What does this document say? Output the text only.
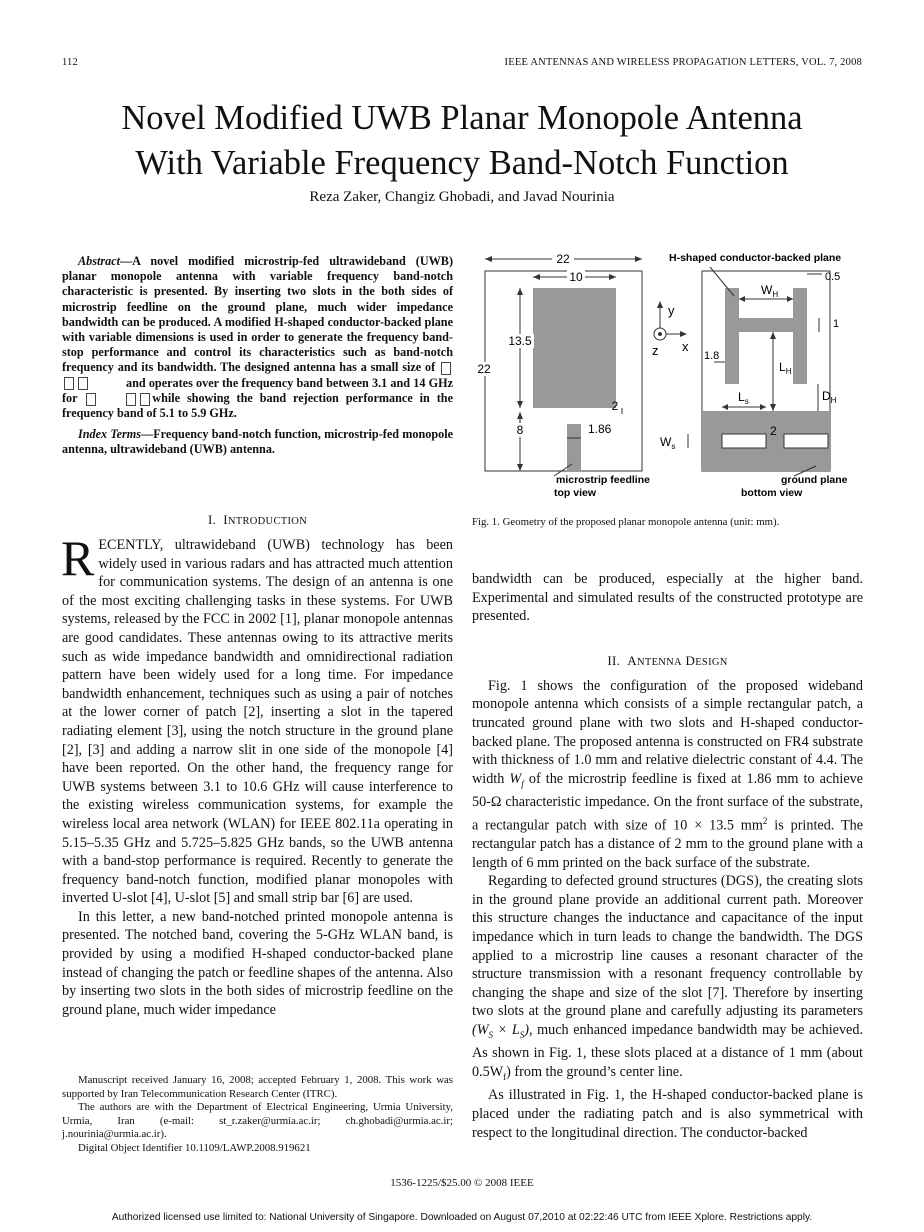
112	IEEE ANTENNAS AND WIRELESS PROPAGATION LETTERS, VOL. 7, 2008
Novel Modified UWB Planar Monopole Antenna
With Variable Frequency Band-Notch Function
Reza Zaker, Changiz Ghobadi, and Javad Nourinia

Abstract—A novel modified microstrip-fed ultrawideband (UWB) planar monopole antenna with variable frequency band-notch characteristic is presented. By inserting two slots in the both sides of microstrip feedline on the ground plane, much wider impedance bandwidth can be produced. A modified H-shaped conductor-backed plane with variable dimensions is used in order to generate the frequency band-stop performance and control its characteristics such as band-notch frequency and its bandwidth. The designed antenna has a small size of and operates over the frequency band between 3.1 and 14 GHz for	while showing the band rejection performance in the frequency band of 5.1 to 5.9 GHz.

Index Terms—Frequency band-notch function, microstrip-fed monopole antenna, ultrawideband (UWB) antenna.

I. INTRODUCTION

RECENTLY, ultrawideband (UWB) technology has been widely used in various radars and has attracted much attention for communication systems. The design of an antenna is one of the most exciting challenging tasks in these systems. For UWB systems, released by the FCC in 2002 [1], planar monopole antennas are good candidates. These antennas owing to its attractive merits such as wide impedance bandwidth and omnidirectional radiation pattern have been widely used for a long time. For impedance bandwidth enhancement, techniques such as using a pair of notches at the lower corner of patch [2], inserting a slot in the tapered radiating element [3], using the notch structure in the ground plane [2], [3] and adding a narrow slit in one side of the monopole [4] have been reported. On the other hand, the frequency range for UWB systems between 3.1 to 10.6 GHz will cause interference to the existing wireless communication systems, for example the wireless local area network (WLAN) for IEEE 802.11a operating in 5.15–5.35 GHz and 5.725–5.825 GHz bands, so the UWB antenna with a band-stop performance is required. Recently to generate the frequency band-notch function, modified planar monopoles with inverted U-slot [4], U-slot [5] and small strip bar [6] are used.

In this letter, a new band-notched printed monopole antenna is presented. The notched band, covering the 5-GHz WLAN band, is provided by using a modified H-shaped conductor-backed plane instead of changing the patch or feedline shapes of the antenna. Also by inserting two slots in the both sides of microstrip feedline on the ground plane, much wider impedance

Manuscript received January 16, 2008; accepted February 1, 2008. This work was supported by Iran Telecommunication Research Center (ITRC).

The authors are with the Department of Electrical Engineering, Urmia University, Urmia, Iran (e-mail: st_r.zaker@urmia.ac.ir; ch.ghobadi@urmia.ac.ir; j.nourinia@urmia.ac.ir).

Digital Object Identifier 10.1109/LAWP.2008.919621

22
10
13.5
22
8
2
1.86
y
z x
H-shaped conductor-backed plane
0.5
$W_H$
1
1.8
$L_H$
$D_H$
$L_s$
$W_s$
2
microstrip feedline
top view
ground plane
bottom view
Fig. 1. Geometry of the proposed planar monopole antenna (unit: mm).

bandwidth can be produced, especially at the higher band. Experimental and simulated results of the constructed prototype are presented.

II. ANTENNA DESIGN

Fig. 1 shows the configuration of the proposed wideband monopole antenna which consists of a simple rectangular patch, a truncated ground plane with two slots and H-shaped conductor-backed plane. The proposed antenna is constructed on FR4 substrate with thickness of 1.0 mm and relative dielectric constant of 4.4. The width $W_f$ of the microstrip feedline is fixed at 1.86 mm to achieve 50-Ω characteristic impedance. On the front surface of the substrate, a rectangular patch with size of 10 × 13.5 $mm^2$ is printed. The rectangular patch has a distance of 2 mm to the ground plane with a length of 6 mm printed on the back surface of the substrate.

Regarding to defected ground structures (DGS), the creating slots in the ground plane provide an additional current path. Moreover this structure changes the inductance and capacitance of the input impedance which in turn leads to change the bandwidth. The DGS applied to a microstrip line causes a resonant character of the structure transmission with a resonant frequency controllable by changing the shape and size of the slot [7]. Therefore by inserting two slots at the ground plane and carefully adjusting its parameters $(W_S \times L_S)$, much enhanced impedance bandwidth may be achieved. As shown in Fig. 1, these slots placed at a distance of 1 mm (about $0.5W_f$) from the ground’s center line.

As illustrated in Fig. 1, the H-shaped conductor-backed plane is placed under the radiating patch and is also symmetrical with respect to the longitudinal direction. The conductor-backed

1536-1225/$25.00 © 2008 IEEE
Authorized licensed use limited to: National University of Singapore. Downloaded on August 07,2010 at 02:22:46 UTC from IEEE Xplore. Restrictions apply.
